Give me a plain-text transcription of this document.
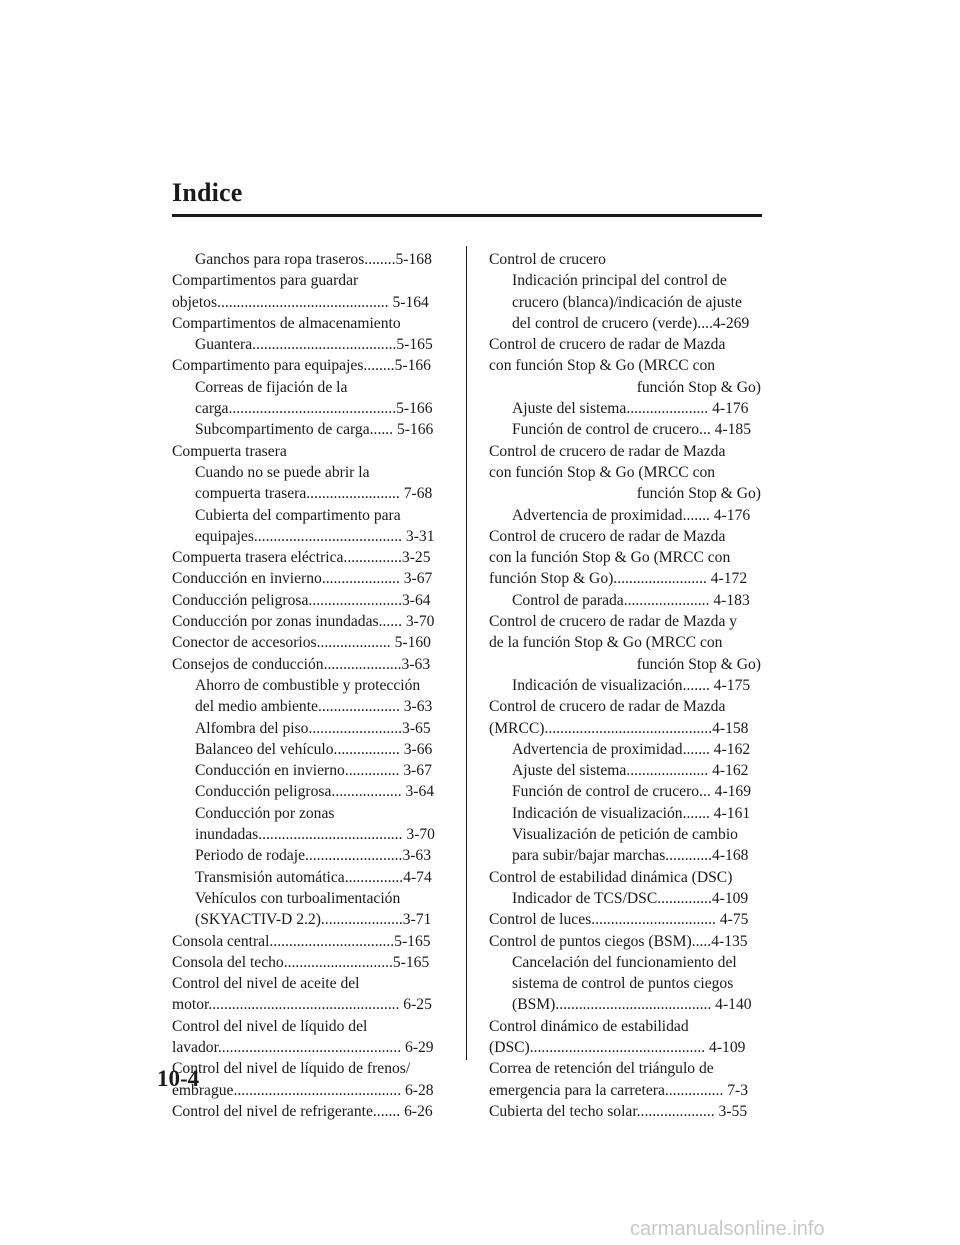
Indice

Ganchos para ropa traseros........5-168

Compartimentos para guardar

objetos............................................ 5-164

Compartimentos de almacenamiento

Guantera.....................................5-165

Compartimento para equipajes........5-166

Correas de fijación de la

carga...........................................5-166

Subcompartimento de carga...... 5-166

Compuerta trasera

Cuando no se puede abrir la

compuerta trasera........................ 7-68

Cubierta del compartimento para

equipajes...................................... 3-31

Compuerta trasera eléctrica...............3-25

Conducción en invierno.................... 3-67

Conducción peligrosa........................3-64

Conducción por zonas inundadas...... 3-70

Conector de accesorios................... 5-160

Consejos de conducción....................3-63

Ahorro de combustible y protección

del medio ambiente..................... 3-63

Alfombra del piso........................3-65

Balanceo del vehículo................. 3-66

Conducción en invierno.............. 3-67

Conducción peligrosa.................. 3-64

Conducción por zonas

inundadas..................................... 3-70

Periodo de rodaje.........................3-63

Transmisión automática...............4-74

Vehículos con turboalimentación

(SKYACTIV-D 2.2).....................3-71

Consola central................................5-165

Consola del techo............................5-165

Control del nivel de aceite del

motor................................................. 6-25

Control del nivel de líquido del

lavador............................................... 6-29

Control del nivel de líquido de frenos/

embrague........................................... 6-28

Control del nivel de refrigerante....... 6-26

Control de crucero

Indicación principal del control de

crucero (blanca)/indicación de ajuste

del control de crucero (verde)....4-269

Control de crucero de radar de Mazda

con función Stop & Go (MRCC con

función Stop & Go)

Ajuste del sistema..................... 4-176

Función de control de crucero... 4-185

Control de crucero de radar de Mazda

con función Stop & Go (MRCC con

función Stop & Go)

Advertencia de proximidad....... 4-176

Control de crucero de radar de Mazda

con la función Stop & Go (MRCC con

función Stop & Go)........................ 4-172

Control de parada...................... 4-183

Control de crucero de radar de Mazda y

de la función Stop & Go (MRCC con

función Stop & Go)

Indicación de visualización....... 4-175

Control de crucero de radar de Mazda

(MRCC)...........................................4-158

Advertencia de proximidad....... 4-162

Ajuste del sistema..................... 4-162

Función de control de crucero... 4-169

Indicación de visualización....... 4-161

Visualización de petición de cambio

para subir/bajar marchas............4-168

Control de estabilidad dinámica (DSC)

Indicador de TCS/DSC..............4-109

Control de luces................................ 4-75

Control de puntos ciegos (BSM).....4-135

Cancelación del funcionamiento del

sistema de control de puntos ciegos

(BSM)........................................ 4-140

Control dinámico de estabilidad

(DSC)............................................. 4-109

Correa de retención del triángulo de

emergencia para la carretera............... 7-3

Cubierta del techo solar.................... 3-55

10-4
carmanualsonline.info
